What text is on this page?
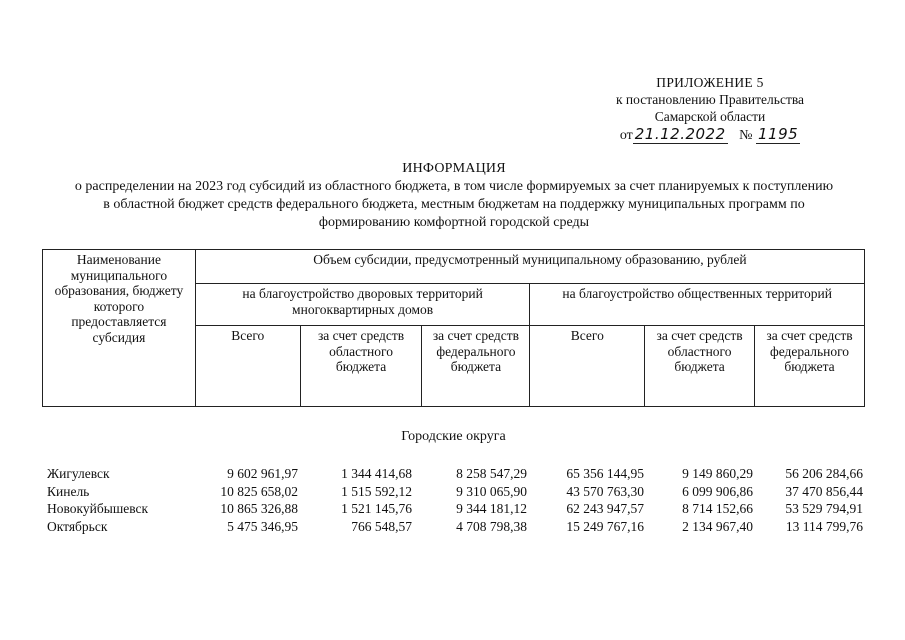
ПРИЛОЖЕНИЕ 5
к постановлению Правительства
Самарской области
от 21.12.2022 № 1195
ИНФОРМАЦИЯ
о распределении на 2023 год субсидий из областного бюджета, в том числе формируемых за счет планируемых к поступлению
в областной бюджет средств федерального бюджета, местным бюджетам на поддержку муниципальных программ по
формированию комфортной городской среды
Наименование муниципального образования, бюджету которого предоставляется субсидия	Объем субсидии, предусмотренный муниципальному образованию, рублей					
	на благоустройство дворовых территорий многоквартирных домов			на благоустройство общественных территорий		
	Всего	за счет средств областного бюджета	за счет средств федерального бюджета	Всего	за счет средств областного бюджета	за счет средств федерального бюджета
Городские округа
Жигулевск	9 602 961,97	1 344 414,68	8 258 547,29	65 356 144,95	9 149 860,29	56 206 284,66
Кинель	10 825 658,02	1 515 592,12	9 310 065,90	43 570 763,30	6 099 906,86	37 470 856,44
Новокуйбышевск	10 865 326,88	1 521 145,76	9 344 181,12	62 243 947,57	8 714 152,66	53 529 794,91
Октябрьск	5 475 346,95	766 548,57	4 708 798,38	15 249 767,16	2 134 967,40	13 114 799,76
